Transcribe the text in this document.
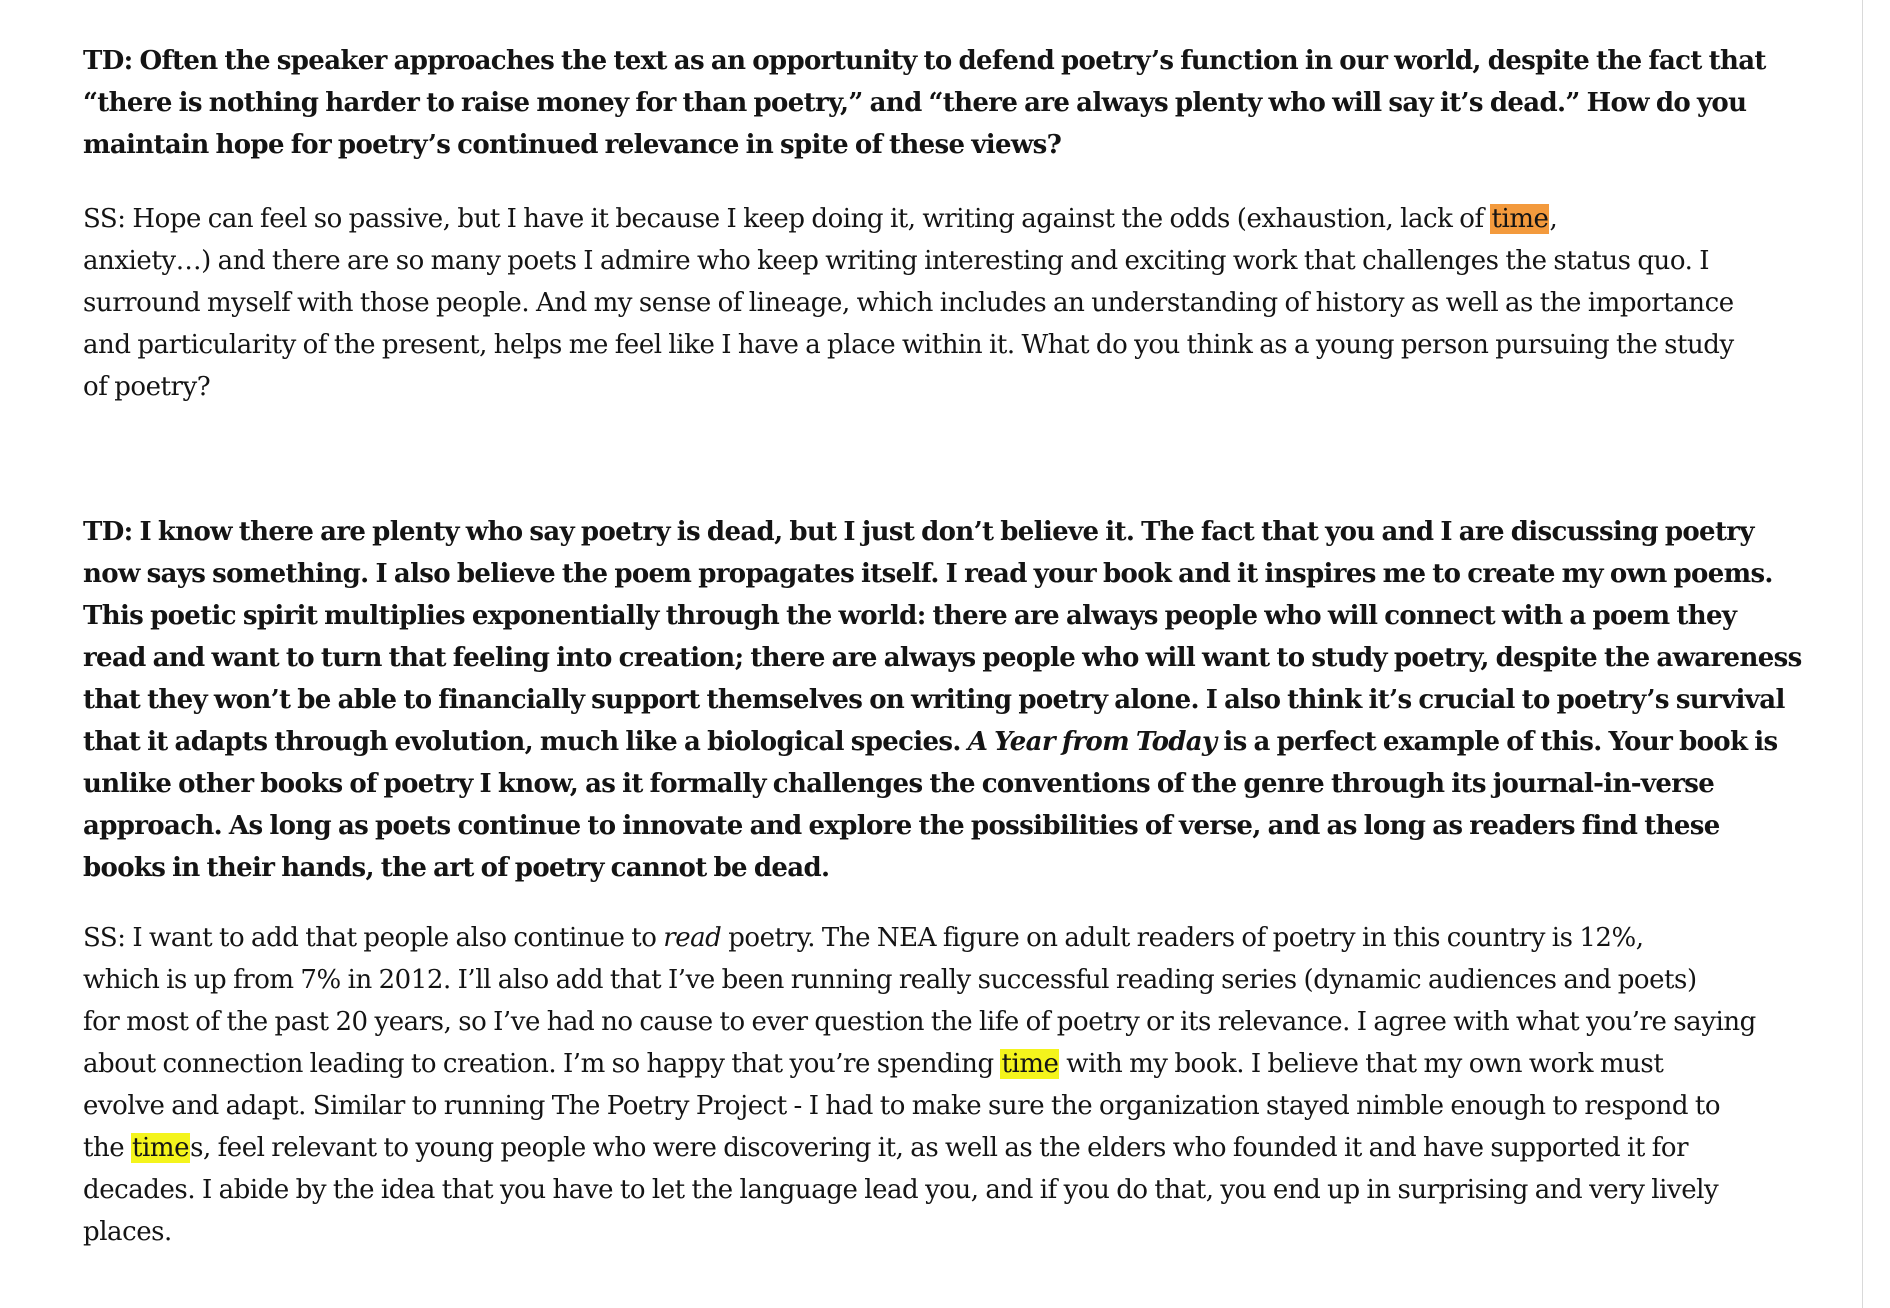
TD: Often the speaker approaches the text as an opportunity to defend poetry’s function in our world, despite the fact that
“there is nothing harder to raise money for than poetry,” and “there are always plenty who will say it’s dead.” How do you
maintain hope for poetry’s continued relevance in spite of these views?
SS: Hope can feel so passive, but I have it because I keep doing it, writing against the odds (exhaustion, lack of time,
anxiety…) and there are so many poets I admire who keep writing interesting and exciting work that challenges the status quo. I
surround myself with those people. And my sense of lineage, which includes an understanding of history as well as the importance
and particularity of the present, helps me feel like I have a place within it. What do you think as a young person pursuing the study
of poetry?
TD: I know there are plenty who say poetry is dead, but I just don’t believe it. The fact that you and I are discussing poetry
now says something. I also believe the poem propagates itself. I read your book and it inspires me to create my own poems.
This poetic spirit multiplies exponentially through the world: there are always people who will connect with a poem they
read and want to turn that feeling into creation; there are always people who will want to study poetry, despite the awareness
that they won’t be able to financially support themselves on writing poetry alone. I also think it’s crucial to poetry’s survival
that it adapts through evolution, much like a biological species. A Year from Today is a perfect example of this. Your book is
unlike other books of poetry I know, as it formally challenges the conventions of the genre through its journal-in-verse
approach. As long as poets continue to innovate and explore the possibilities of verse, and as long as readers find these
books in their hands, the art of poetry cannot be dead.
SS: I want to add that people also continue to read poetry. The NEA figure on adult readers of poetry in this country is 12%,
which is up from 7% in 2012. I’ll also add that I’ve been running really successful reading series (dynamic audiences and poets)
for most of the past 20 years, so I’ve had no cause to ever question the life of poetry or its relevance. I agree with what you’re saying
about connection leading to creation. I’m so happy that you’re spending time with my book. I believe that my own work must
evolve and adapt. Similar to running The Poetry Project - I had to make sure the organization stayed nimble enough to respond to
the times, feel relevant to young people who were discovering it, as well as the elders who founded it and have supported it for
decades. I abide by the idea that you have to let the language lead you, and if you do that, you end up in surprising and very lively
places.
